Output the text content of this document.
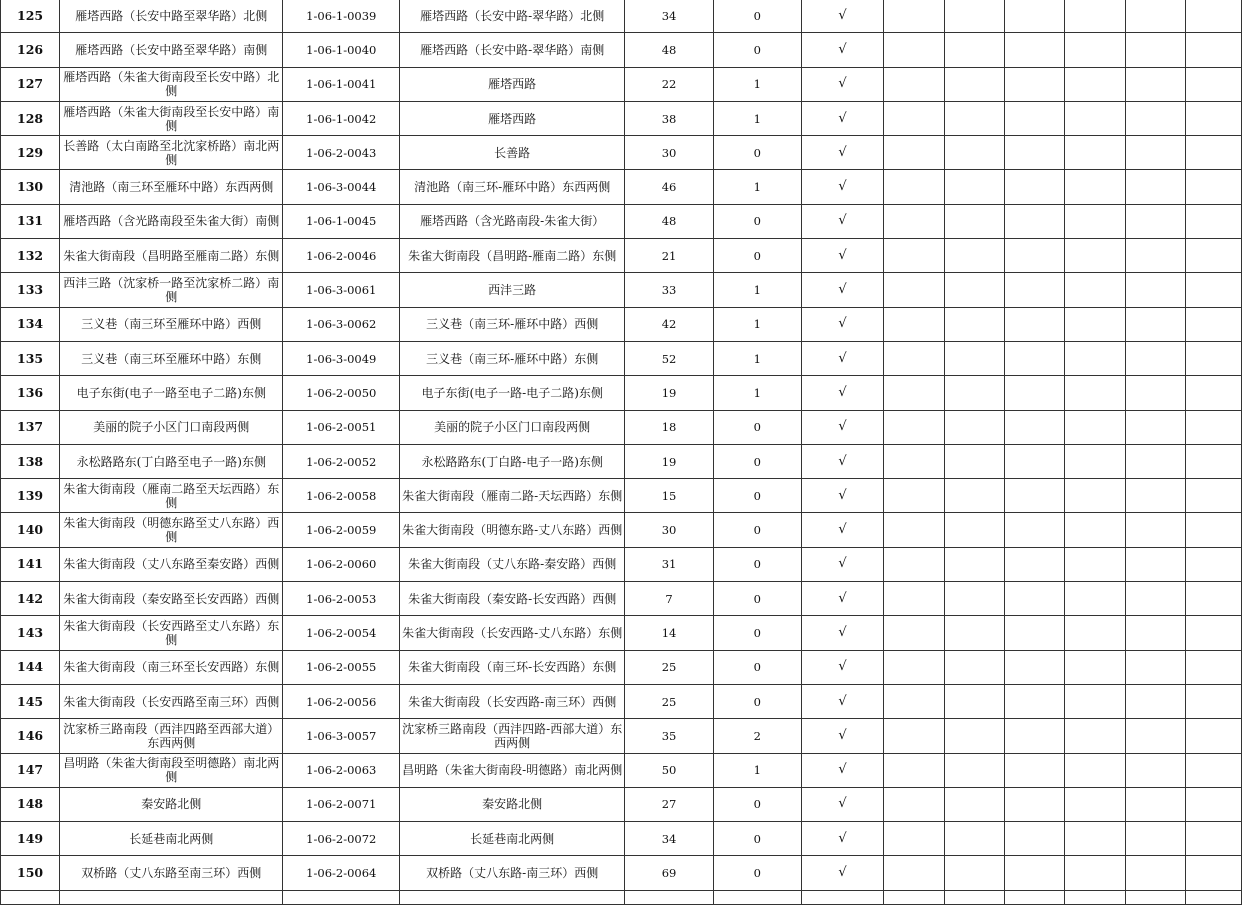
125	雁塔西路（长安中路至翠华路）北侧	1-06-1-0039	雁塔西路（长安中路-翠华路）北侧	34	0	√						
126	雁塔西路（长安中路至翠华路）南侧	1-06-1-0040	雁塔西路（长安中路-翠华路）南侧	48	0	√						
127	雁塔西路（朱雀大街南段至长安中路）北侧	1-06-1-0041	雁塔西路	22	1	√						
128	雁塔西路（朱雀大街南段至长安中路）南侧	1-06-1-0042	雁塔西路	38	1	√						
129	长善路（太白南路至北沈家桥路）南北两侧	1-06-2-0043	长善路	30	0	√						
130	清池路（南三环至雁环中路）东西两侧	1-06-3-0044	清池路（南三环-雁环中路）东西两侧	46	1	√						
131	雁塔西路（含光路南段至朱雀大街）南侧	1-06-1-0045	雁塔西路（含光路南段-朱雀大街）	48	0	√						
132	朱雀大街南段（昌明路至雁南二路）东侧	1-06-2-0046	朱雀大街南段（昌明路-雁南二路）东侧	21	0	√						
133	西沣三路（沈家桥一路至沈家桥二路）南侧	1-06-3-0061	西沣三路	33	1	√						
134	三义巷（南三环至雁环中路）西侧	1-06-3-0062	三义巷（南三环-雁环中路）西侧	42	1	√						
135	三义巷（南三环至雁环中路）东侧	1-06-3-0049	三义巷（南三环-雁环中路）东侧	52	1	√						
136	电子东街(电子一路至电子二路)东侧	1-06-2-0050	电子东街(电子一路-电子二路)东侧	19	1	√						
137	美丽的院子小区门口南段两侧	1-06-2-0051	美丽的院子小区门口南段两侧	18	0	√						
138	永松路路东(丁白路至电子一路)东侧	1-06-2-0052	永松路路东(丁白路-电子一路)东侧	19	0	√						
139	朱雀大街南段（雁南二路至天坛西路）东侧	1-06-2-0058	朱雀大街南段（雁南二路-天坛西路）东侧	15	0	√						
140	朱雀大街南段（明德东路至丈八东路）西侧	1-06-2-0059	朱雀大街南段（明德东路-丈八东路）西侧	30	0	√						
141	朱雀大街南段（丈八东路至秦安路）西侧	1-06-2-0060	朱雀大街南段（丈八东路-秦安路）西侧	31	0	√						
142	朱雀大街南段（秦安路至长安西路）西侧	1-06-2-0053	朱雀大街南段（秦安路-长安西路）西侧	7	0	√						
143	朱雀大街南段（长安西路至丈八东路）东侧	1-06-2-0054	朱雀大街南段（长安西路-丈八东路）东侧	14	0	√						
144	朱雀大街南段（南三环至长安西路）东侧	1-06-2-0055	朱雀大街南段（南三环-长安西路）东侧	25	0	√						
145	朱雀大街南段（长安西路至南三环）西侧	1-06-2-0056	朱雀大街南段（长安西路-南三环）西侧	25	0	√						
146	沈家桥三路南段（西沣四路至西部大道）东西两侧	1-06-3-0057	沈家桥三路南段（西沣四路-西部大道）东西两侧	35	2	√						
147	昌明路（朱雀大街南段至明德路）南北两侧	1-06-2-0063	昌明路（朱雀大街南段-明德路）南北两侧	50	1	√						
148	秦安路北侧	1-06-2-0071	秦安路北侧	27	0	√						
149	长延巷南北两侧	1-06-2-0072	长延巷南北两侧	34	0	√						
150	双桥路（丈八东路至南三环）西侧	1-06-2-0064	双桥路（丈八东路-南三环）西侧	69	0	√						
